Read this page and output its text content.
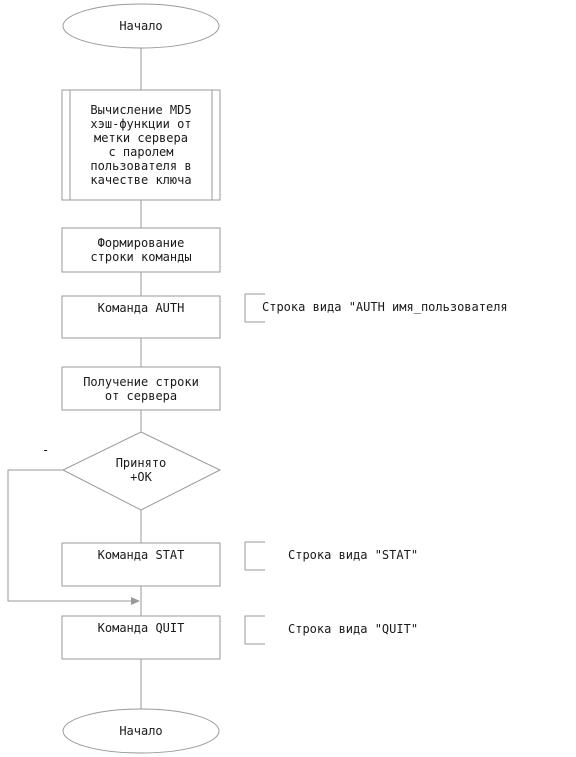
Начало
Вычисление MD5
хэш-функции от
метки сервера
с паролем
пользователя в
качестве ключа
Формирование
строки команды
Команда AUTH
Получение строки
от сервера
Принято
+OK
Команда STAT
Команда QUIT
Начало
Строка вида "AUTH имя_пользователя
Строка вида "STAT"
Строка вида "QUIT"
-
